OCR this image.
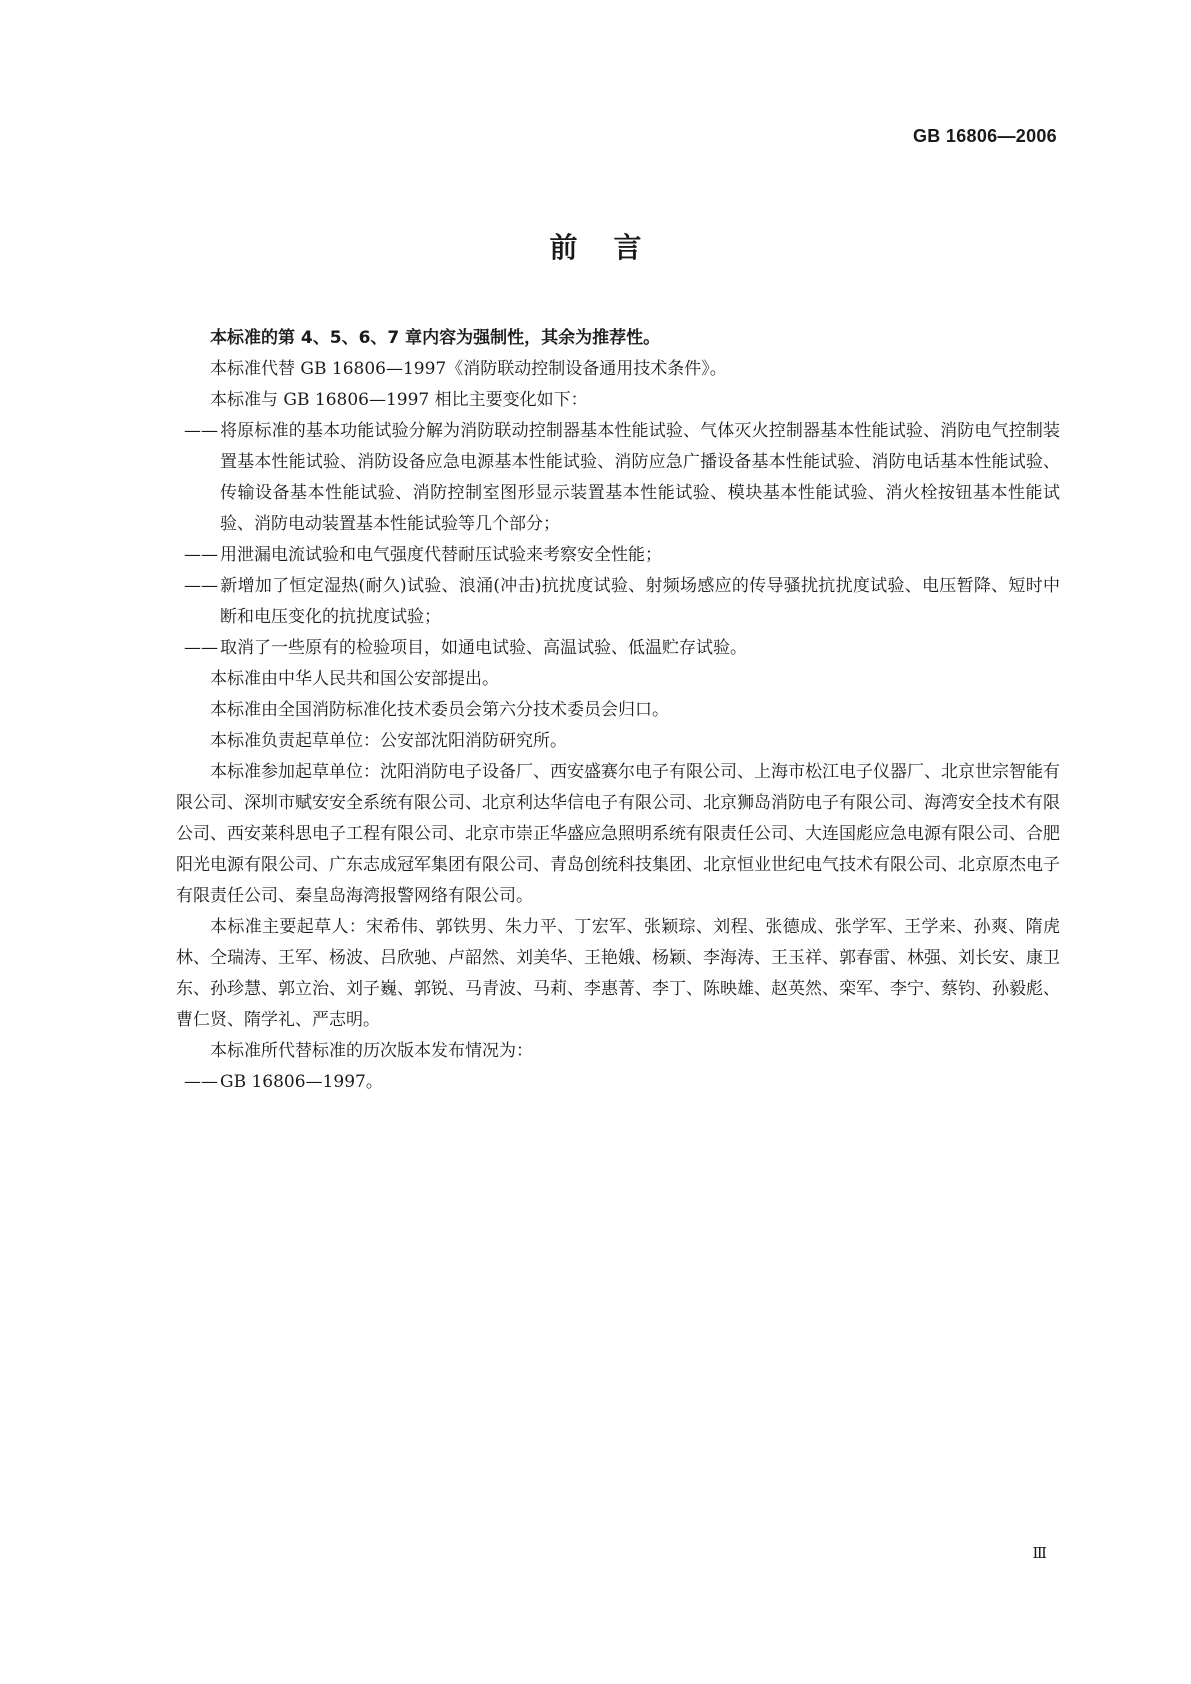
GB 16806—2006
前言

本标准的第 4、5、6、7 章内容为强制性，其余为推荐性。

本标准代替 GB 16806—1997《消防联动控制设备通用技术条件》。

本标准与 GB 16806—1997 相比主要变化如下：

—— 将原标准的基本功能试验分解为消防联动控制器基本性能试验、气体灭火控制器基本性能试验、消防电气控制装置基本性能试验、消防设备应急电源基本性能试验、消防应急广播设备基本性能试验、消防电话基本性能试验、传输设备基本性能试验、消防控制室图形显示装置基本性能试验、模块基本性能试验、消火栓按钮基本性能试验、消防电动装置基本性能试验等几个部分；

—— 用泄漏电流试验和电气强度代替耐压试验来考察安全性能；

—— 新增加了恒定湿热(耐久)试验、浪涌(冲击)抗扰度试验、射频场感应的传导骚扰抗扰度试验、电压暂降、短时中断和电压变化的抗扰度试验；

—— 取消了一些原有的检验项目，如通电试验、高温试验、低温贮存试验。

本标准由中华人民共和国公安部提出。

本标准由全国消防标准化技术委员会第六分技术委员会归口。

本标准负责起草单位：公安部沈阳消防研究所。

本标准参加起草单位：沈阳消防电子设备厂、西安盛赛尔电子有限公司、上海市松江电子仪器厂、北京世宗智能有限公司、深圳市赋安安全系统有限公司、北京利达华信电子有限公司、北京狮岛消防电子有限公司、海湾安全技术有限公司、西安莱科思电子工程有限公司、北京市崇正华盛应急照明系统有限责任公司、大连国彪应急电源有限公司、合肥阳光电源有限公司、广东志成冠军集团有限公司、青岛创统科技集团、北京恒业世纪电气技术有限公司、北京原杰电子有限责任公司、秦皇岛海湾报警网络有限公司。

本标准主要起草人：宋希伟、郭铁男、朱力平、丁宏军、张颖琮、刘程、张德成、张学军、王学来、孙爽、隋虎林、仝瑞涛、王军、杨波、吕欣驰、卢韶然、刘美华、王艳娥、杨颖、李海涛、王玉祥、郭春雷、林强、刘长安、康卫东、孙珍慧、郭立治、刘子巍、郭锐、马青波、马莉、李惠菁、李丁、陈映雄、赵英然、栾军、李宁、蔡钧、孙毅彪、曹仁贤、隋学礼、严志明。

本标准所代替标准的历次版本发布情况为：

—— GB 16806—1997。

Ⅲ
